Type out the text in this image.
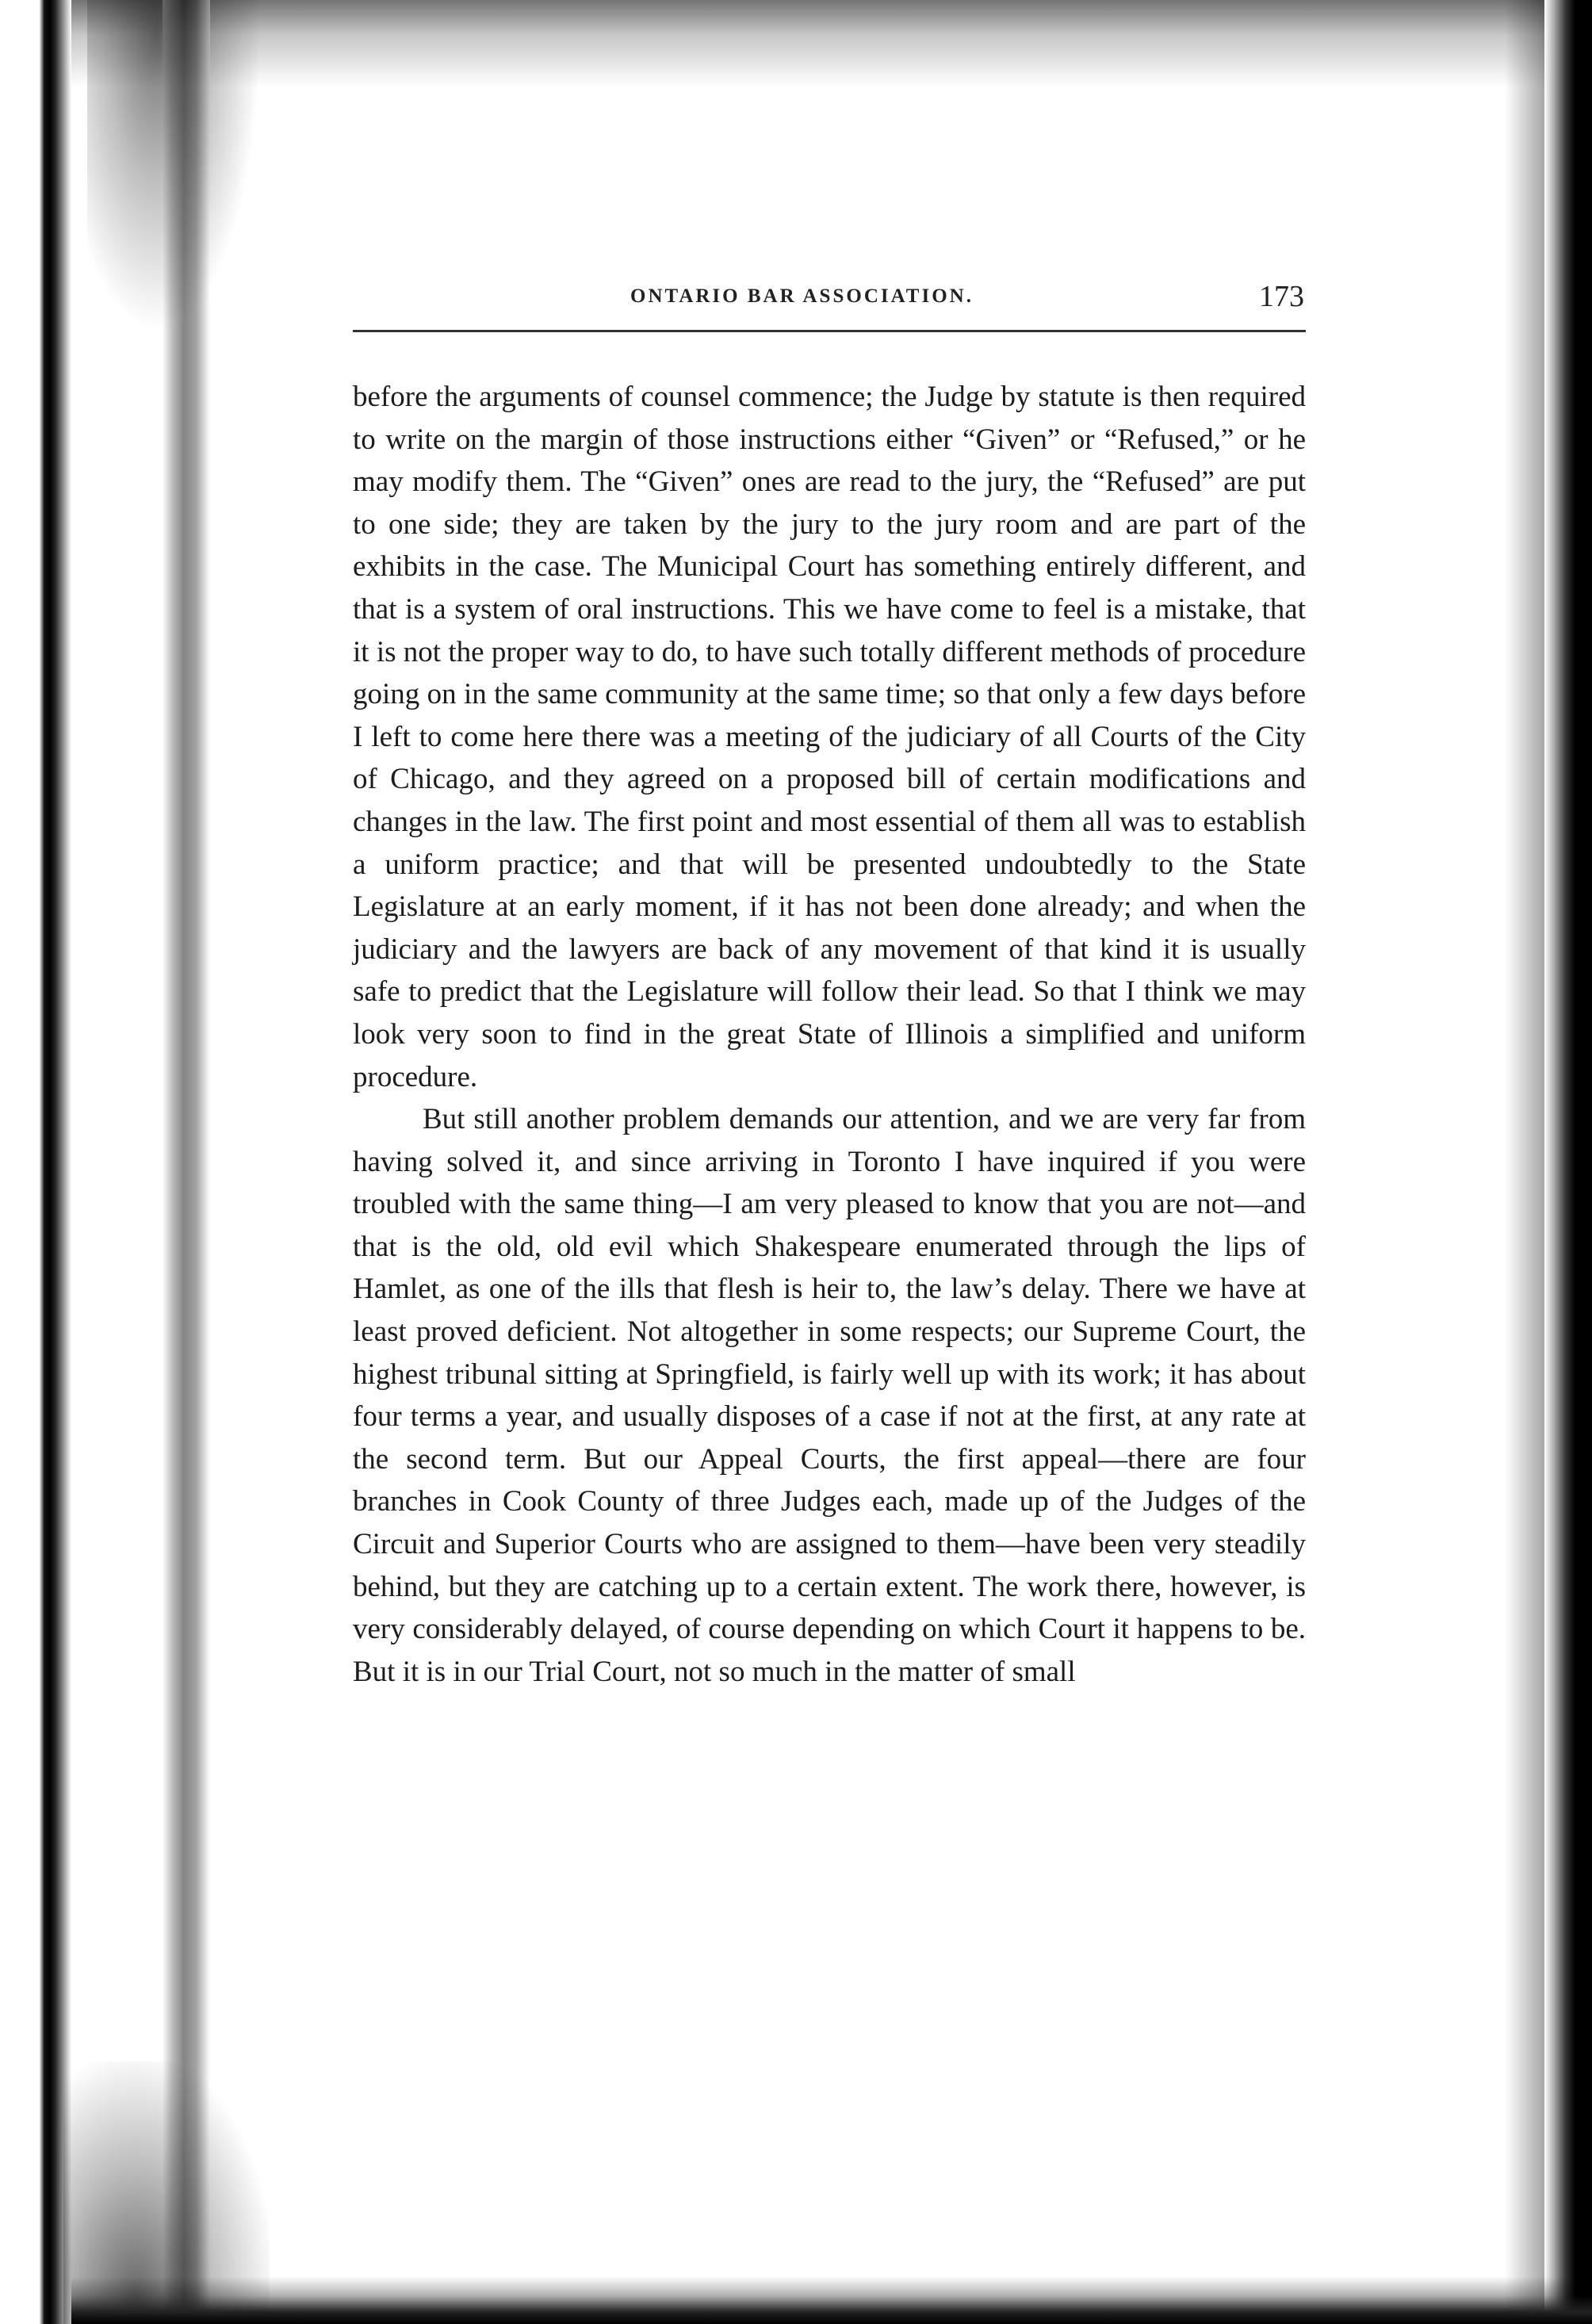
ONTARIO BAR ASSOCIATION.	173

before the arguments of counsel commence; the Judge by statute is then required to write on the margin of those instructions either “Given” or “Refused,” or he may modify them. The “Given” ones are read to the jury, the “Refused” are put to one side; they are taken by the jury to the jury room and are part of the exhibits in the case. The Municipal Court has something entirely different, and that is a system of oral instructions. This we have come to feel is a mistake, that it is not the proper way to do, to have such totally different methods of procedure going on in the same community at the same time; so that only a few days before I left to come here there was a meeting of the judiciary of all Courts of the City of Chicago, and they agreed on a proposed bill of certain modifications and changes in the law. The first point and most essential of them all was to establish a uniform practice; and that will be presented undoubtedly to the State Legislature at an early moment, if it has not been done already; and when the judiciary and the lawyers are back of any movement of that kind it is usually safe to predict that the Legislature will follow their lead. So that I think we may look very soon to find in the great State of Illinois a simplified and uniform procedure.

But still another problem demands our attention, and we are very far from having solved it, and since arriving in Toronto I have inquired if you were troubled with the same thing—I am very pleased to know that you are not—and that is the old, old evil which Shakespeare enumerated through the lips of Hamlet, as one of the ills that flesh is heir to, the law’s delay. There we have at least proved deficient. Not altogether in some respects; our Supreme Court, the highest tribunal sitting at Springfield, is fairly well up with its work; it has about four terms a year, and usually disposes of a case if not at the first, at any rate at the second term. But our Appeal Courts, the first appeal—there are four branches in Cook County of three Judges each, made up of the Judges of the Circuit and Superior Courts who are assigned to them—have been very steadily behind, but they are catching up to a certain extent. The work there, however, is very considerably delayed, of course depending on which Court it happens to be. But it is in our Trial Court, not so much in the matter of small
